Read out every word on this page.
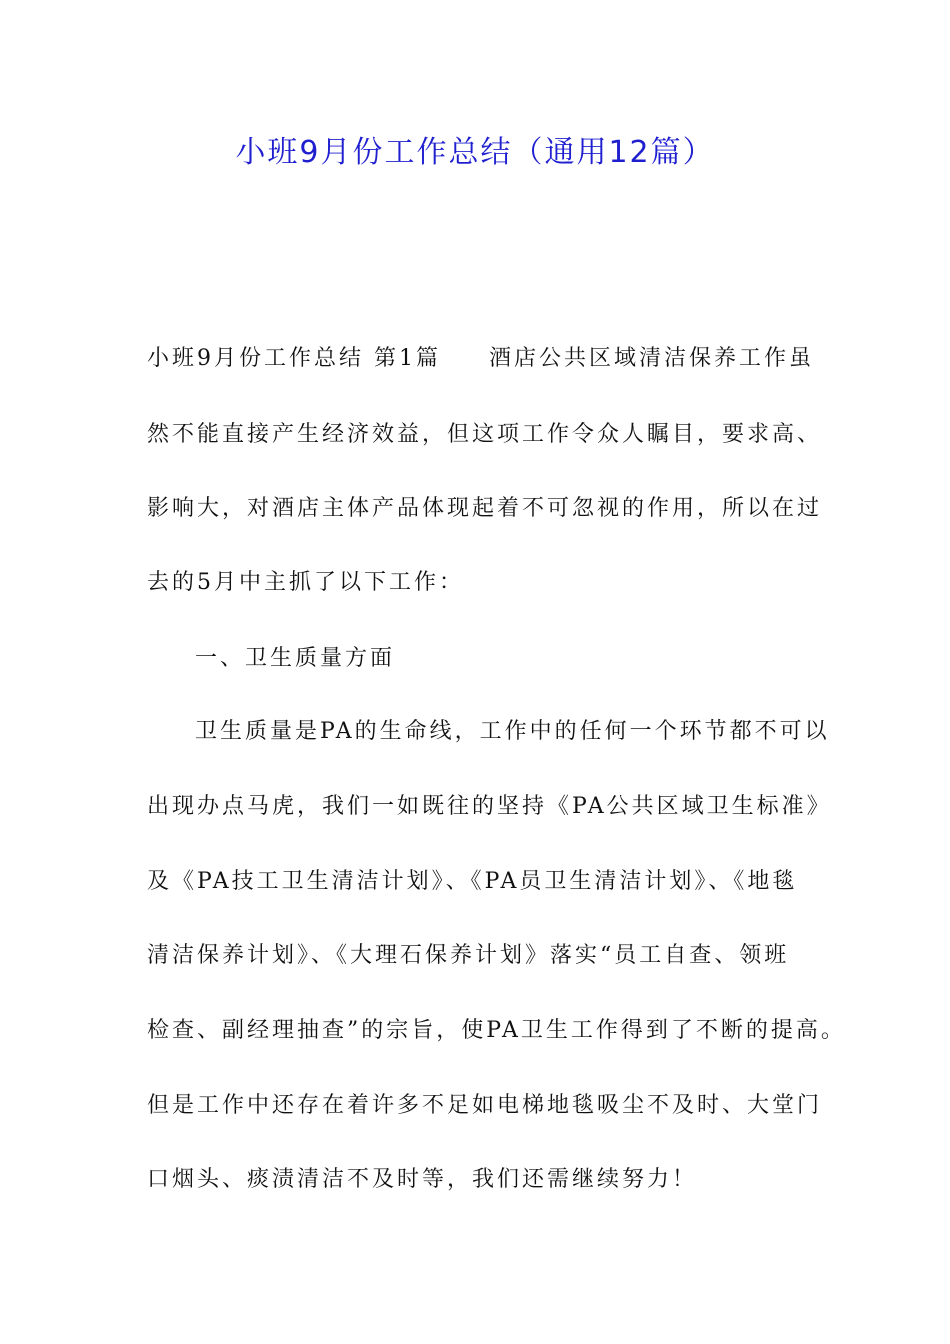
小班9月份工作总结（通用12篇）

小班9月份工作总结 第1篇 酒店公共区域清洁保养工作虽

然不能直接产生经济效益，但这项工作令众人瞩目，要求高、

影响大，对酒店主体产品体现起着不可忽视的作用，所以在过

去的5月中主抓了以下工作：

一、卫生质量方面

卫生质量是PA的生命线，工作中的任何一个环节都不可以

出现办点马虎，我们一如既往的坚持《PA公共区域卫生标准》

及《PA技工卫生清洁计划》、《PA员卫生清洁计划》、《地毯

清洁保养计划》、《大理石保养计划》落实“员工自查、领班

检查、副经理抽查”的宗旨，使PA卫生工作得到了不断的提高。

但是工作中还存在着许多不足如电梯地毯吸尘不及时、大堂门

口烟头、痰渍清洁不及时等，我们还需继续努力！
